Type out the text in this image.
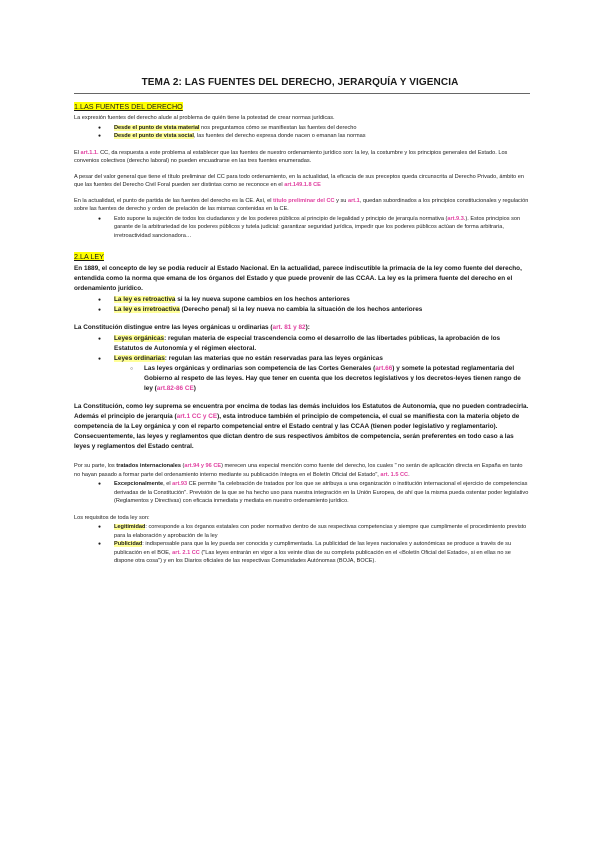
TEMA 2: LAS FUENTES DEL DERECHO, JERARQUÍA Y VIGENCIA
1.LAS FUENTES DEL DERECHO

La expresión fuentes del derecho alude al problema de quién tiene la potestad de crear normas jurídicas.

● Desde el punto de vista material nos preguntamos cómo se manifiestan las fuentes del derecho
● Desde el punto de vista social, las fuentes del derecho expresa donde nacen o emanan las normas

El art.1.1. CC, da respuesta a este problema al establecer que las fuentes de nuestro ordenamiento jurídico son: la ley, la costumbre y los principios generales del Estado. Los convenios colectivos (derecho laboral) no pueden encuadrarse en las tres fuentes enumeradas.

A pesar del valor general que tiene el título preliminar del CC para todo ordenamiento, en la actualidad, la eficacia de sus preceptos queda circunscrita al Derecho Privado, ámbito en que las fuentes del Derecho Civil Foral pueden ser distintas como se reconoce en el art.149.1.8 CE

En la actualidad, el punto de partida de las fuentes del derecho es la CE. Así, el título preliminar del CC y su art.1, quedan subordinados a los principios constitucionales y regulación sobre las fuentes de derecho y orden de prelación de las mismas contenidas en la CE.

● Esto supone la sujeción de todos los ciudadanos y de los poderes públicos al principio de legalidad y principio de jerarquía normativa (art.9.3.). Estos principios son garante de la arbitrariedad de los poderes públicos y tutela judicial: garantizar seguridad jurídica, impedir que los poderes públicos actúan de forma arbitraria, irretroactividad sancionadora…
2.LA LEY

En 1889, el concepto de ley se podía reducir al Estado Nacional. En la actualidad, parece indiscutible la primacía de la ley como fuente del derecho, entendida como la norma que emana de los órganos del Estado y que puede provenir de las CCAA. La ley es la primera fuente del derecho en el ordenamiento jurídico.

● La ley es retroactiva si la ley nueva supone cambios en los hechos anteriores
● La ley es irretroactiva (Derecho penal) si la ley nueva no cambia la situación de los hechos anteriores

La Constitución distingue entre las leyes orgánicas u ordinarias (art. 81 y 82):

● Leyes orgánicas: regulan materia de especial trascendencia como el desarrollo de las libertades públicas, la aprobación de los Estatutos de Autonomía y el régimen electoral.
● Leyes ordinarias: regulan las materias que no están reservadas para las leyes orgánicas
○ Las leyes orgánicas y ordinarias son competencia de las Cortes Generales (art.66) y somete la potestad reglamentaria del Gobierno al respeto de las leyes. Hay que tener en cuenta que los decretos legislativos y los decretos-leyes tienen rango de ley (art.82-86 CE)

La Constitución, como ley suprema se encuentra por encima de todas las demás incluidos los Estatutos de Autonomía, que no pueden contradecirla. Además el principio de jerarquía (art.1 CC y CE), esta introduce también el principio de competencia, el cual se manifiesta con la materia objeto de competencia de la Ley orgánica y con el reparto competencial entre el Estado central y las CCAA (tienen poder legislativo y reglamentario). Consecuentemente, las leyes y reglamentos que dictan dentro de sus respectivos ámbitos de competencia, serán preferentes en todo caso a las leyes y reglamentos del Estado central.

Por su parte, los tratados internacionales (art.94 y 96 CE) merecen una especial mención como fuente del derecho, los cuales " no serán de aplicación directa en España en tanto no hayan pasado a formar parte del ordenamiento interno mediante su publicación íntegra en el Boletín Oficial del Estado", art. 1.5 CC.

● Excepcionalmente, el art.93 CE permite "la celebración de tratados por los que se atribuya a una organización o institución internacional el ejercicio de competencias derivadas de la Constitución". Previsión de la que se ha hecho uso para nuestra integración en la Unión Europea, de ahí que la misma pueda ostentar poder legislativo (Reglamentos y Directivas) con eficacia inmediata y mediata en nuestro ordenamiento jurídico.

Los requisitos de toda ley son:

● Legitimidad: corresponde a los órganos estatales con poder normativo dentro de sus respectivas competencias y siempre que cumplimente el procedimiento previsto para la elaboración y aprobación de la ley
● Publicidad: indispensable para que la ley pueda ser conocida y cumplimentada. La publicidad de las leyes nacionales y autonómicas se produce a través de su publicación en el BOE, art. 2.1 CC ("Las leyes entrarán en vigor a los veinte días de su completa publicación en el «Boletín Oficial del Estado», si en ellas no se dispone otra cosa") y en los Diarios oficiales de las respectivas Comunidades Autónomas (BOJA, BOCE).
